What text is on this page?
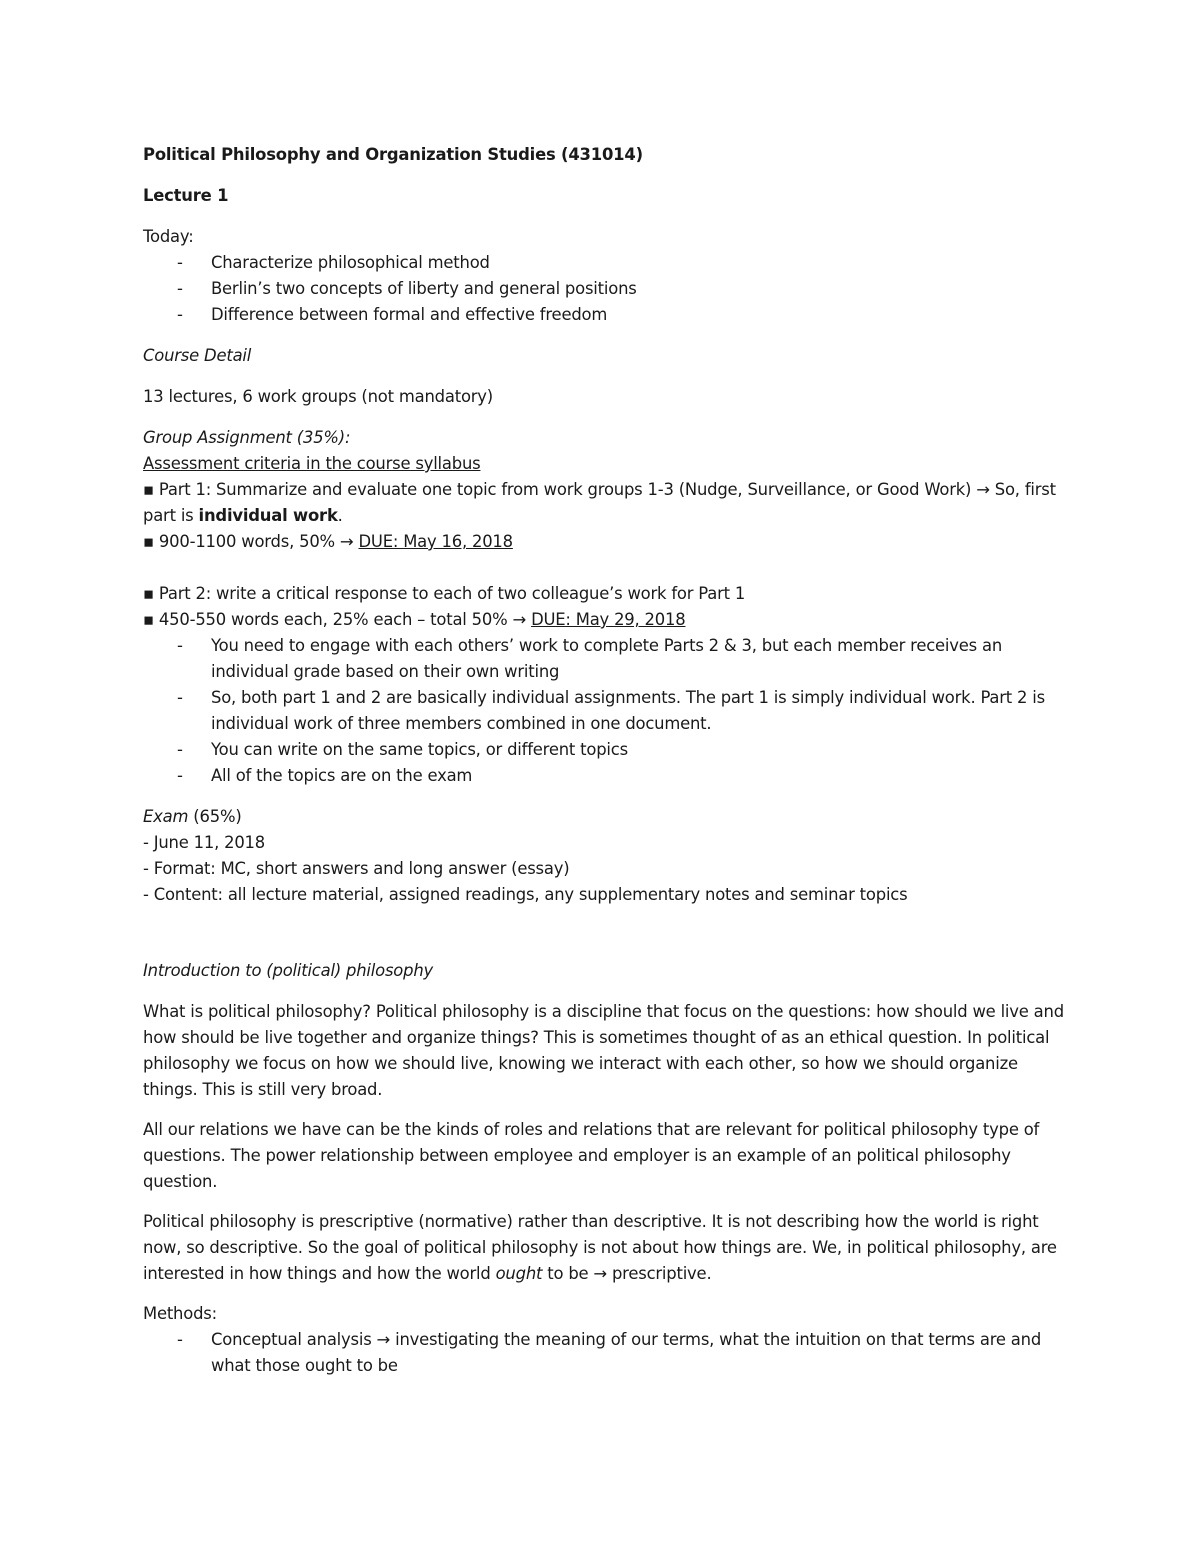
Political Philosophy and Organization Studies (431014)

Lecture 1

Today:

- Characterize philosophical method
- Berlin’s two concepts of liberty and general positions
- Difference between formal and effective freedom

Course Detail

13 lectures, 6 work groups (not mandatory)

Group Assignment (35%):

Assessment criteria in the course syllabus

▪ Part 1: Summarize and evaluate one topic from work groups 1-3 (Nudge, Surveillance, or Good Work) → So, first part is individual work.

▪ 900-1100 words, 50% → DUE: May 16, 2018

▪ Part 2: write a critical response to each of two colleague’s work for Part 1

▪ 450-550 words each, 25% each – total 50% → DUE: May 29, 2018

- You need to engage with each others’ work to complete Parts 2 & 3, but each member receives an individual grade based on their own writing
- So, both part 1 and 2 are basically individual assignments. The part 1 is simply individual work. Part 2 is individual work of three members combined in one document.
- You can write on the same topics, or different topics
- All of the topics are on the exam

Exam (65%)

- June 11, 2018

- Format: MC, short answers and long answer (essay)

- Content: all lecture material, assigned readings, any supplementary notes and seminar topics

Introduction to (political) philosophy

What is political philosophy? Political philosophy is a discipline that focus on the questions: how should we live and how should be live together and organize things? This is sometimes thought of as an ethical question. In political philosophy we focus on how we should live, knowing we interact with each other, so how we should organize things. This is still very broad.

All our relations we have can be the kinds of roles and relations that are relevant for political philosophy type of questions. The power relationship between employee and employer is an example of an political philosophy question.

Political philosophy is prescriptive (normative) rather than descriptive. It is not describing how the world is right now, so descriptive. So the goal of political philosophy is not about how things are. We, in political philosophy, are interested in how things and how the world ought to be → prescriptive.

Methods:

- Conceptual analysis → investigating the meaning of our terms, what the intuition on that terms are and what those ought to be
